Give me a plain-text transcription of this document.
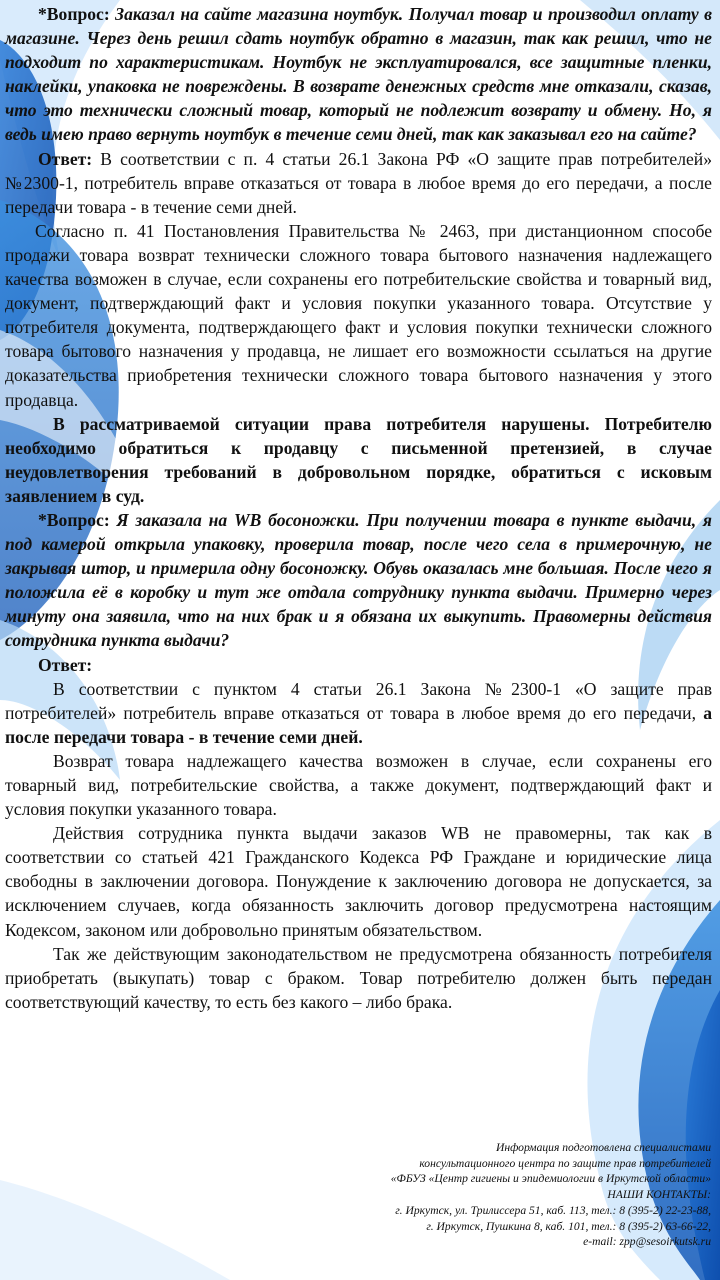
*Вопрос: Заказал на сайте магазина ноутбук. Получал товар и производил оплату в магазине. Через день решил сдать ноутбук обратно в магазин, так как решил, что не подходит по характеристикам. Ноутбук не эксплуатировался, все защитные пленки, наклейки, упаковка не повреждены. В возврате денежных средств мне отказали, сказав, что это технически сложный товар, который не подлежит возврату и обмену. Но, я ведь имею право вернуть ноутбук в течение семи дней, так как заказывал его на сайте?

Ответ: В соответствии с п. 4 статьи 26.1 Закона РФ «О защите прав потребителей» №2300-1, потребитель вправе отказаться от товара в любое время до его передачи, а после передачи товара - в течение семи дней.

Согласно п. 41 Постановления Правительства № 2463, при дистанционном способе продажи товара возврат технически сложного товара бытового назначения надлежащего качества возможен в случае, если сохранены его потребительские свойства и товарный вид, документ, подтверждающий факт и условия покупки указанного товара. Отсутствие у потребителя документа, подтверждающего факт и условия покупки технически сложного товара бытового назначения у продавца, не лишает его возможности ссылаться на другие доказательства приобретения технически сложного товара бытового назначения у этого продавца.

В рассматриваемой ситуации права потребителя нарушены. Потребителю необходимо обратиться к продавцу с письменной претензией, в случае неудовлетворения требований в добровольном порядке, обратиться с исковым заявлением в суд.

*Вопрос: Я заказала на WB босоножки. При получении товара в пункте выдачи, я под камерой открыла упаковку, проверила товар, после чего села в примерочную, не закрывая штор, и примерила одну босоножку. Обувь оказалась мне большая. После чего я положила её в коробку и тут же отдала сотруднику пункта выдачи. Примерно через минуту она заявила, что на них брак и я обязана их выкупить. Правомерны действия сотрудника пункта выдачи?

Ответ:

В соответствии с пунктом 4 статьи 26.1 Закона №2300-1 «О защите прав потребителей» потребитель вправе отказаться от товара в любое время до его передачи, а после передачи товара - в течение семи дней.

Возврат товара надлежащего качества возможен в случае, если сохранены его товарный вид, потребительские свойства, а также документ, подтверждающий факт и условия покупки указанного товара.

Действия сотрудника пункта выдачи заказов WB не правомерны, так как в соответствии со статьей 421 Гражданского Кодекса РФ Граждане и юридические лица свободны в заключении договора. Понуждение к заключению договора не допускается, за исключением случаев, когда обязанность заключить договор предусмотрена настоящим Кодексом, законом или добровольно принятым обязательством.

Так же действующим законодательством не предусмотрена обязанность потребителя приобретать (выкупать) товар с браком. Товар потребителю должен быть передан соответствующий качеству, то есть без какого – либо брака.

Информация подготовлена специалистами
консультационного центра по защите прав потребителей
«ФБУЗ «Центр гигиены и эпидемиологии в Иркутской области»
НАШИ КОНТАКТЫ:
г. Иркутск, ул. Трилиссера 51, каб. 113, тел.: 8 (395-2) 22-23-88,
г. Иркутск, Пушкина 8, каб. 101, тел.: 8 (395-2) 63-66-22,
e-mail: zpp@sesoirkutsk.ru
